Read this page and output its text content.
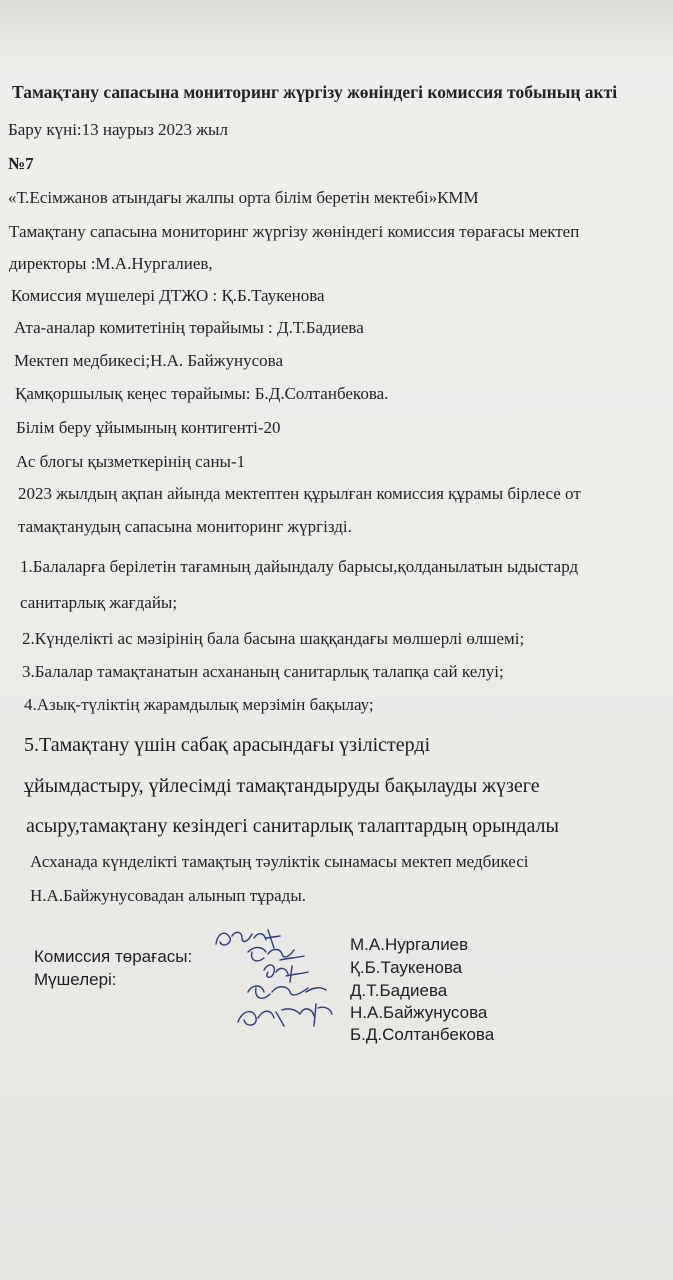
Тамақтану сапасына мониторинг жүргізу жөніндегі комиссия тобының акті
Бару күні:13 наурыз 2023 жыл
№7
«Т.Есімжанов атындағы жалпы орта білім беретін мектебі»КММ
Тамақтану сапасына мониторинг жүргізу жөніндегі комиссия төрағасы мектеп
директоры :М.А.Нургалиев,
Комиссия мүшелері ДТЖО : Қ.Б.Таукенова
Ата-аналар комитетінің төрайымы : Д.Т.Бадиева
Мектеп медбикесі;Н.А. Байжунусова
Қамқоршылық кеңес төрайымы: Б.Д.Солтанбекова.
Білім беру ұйымының контигенті-20
Ас блогы қызметкерінің саны-1
2023 жылдың ақпан айында мектептен құрылған комиссия құрамы бірлесе от
тамақтанудың сапасына мониторинг жүргізді.
1.Балаларға берілетін тағамның дайындалу барысы,қолданылатын ыдыстард
санитарлық жағдайы;
2.Күнделікті ас мәзірінің бала басына шаққандағы мөлшерлі өлшемі;
3.Балалар тамақтанатын асхананың санитарлық талапқа сай келуі;
4.Азық-түліктің жарамдылық мерзімін бақылау;
5.Тамақтану үшін сабақ арасындағы үзілістерді
ұйымдастыру, үйлесімді тамақтандыруды бақылауды жүзеге
асыру,тамақтану кезіндегі санитарлық талаптардың орындалы
Асханада күнделікті тамақтың тәуліктік сынамасы мектеп медбикесі
Н.А.Байжунусовадан алынып тұрады.
Комиссия төрағасы:
Мүшелері:
М.А.Нургалиев
Қ.Б.Таукенова
Д.Т.Бадиева
Н.А.Байжунусова
Б.Д.Солтанбекова
